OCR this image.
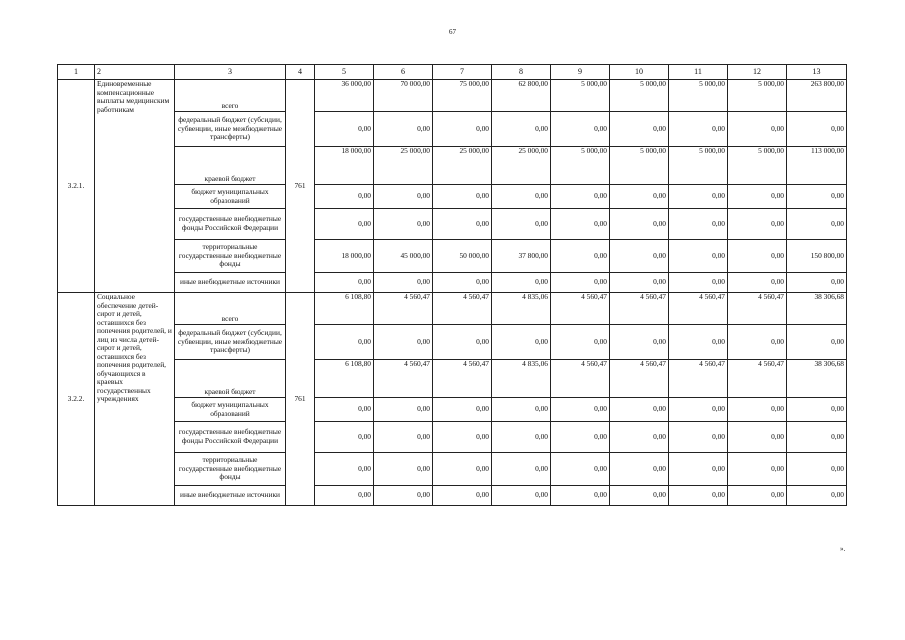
67
1	2	3	4	5	6	7	8	9	10	11	12	13
3.2.1.	Единовременные компенсационные выплаты медицинским работникам	всего	761	36 000,00	70 000,00	75 000,00	62 800,00	5 000,00	5 000,00	5 000,00	5 000,00	263 800,00
		федеральный бюджет (субсидии, субвенции, иные межбюджетные трансферты)		0,00	0,00	0,00	0,00	0,00	0,00	0,00	0,00	0,00
		краевой бюджет		18 000,00	25 000,00	25 000,00	25 000,00	5 000,00	5 000,00	5 000,00	5 000,00	113 000,00
		бюджет муниципальных образований		0,00	0,00	0,00	0,00	0,00	0,00	0,00	0,00	0,00
		государственные внебюджетные фонды Российской Федерации		0,00	0,00	0,00	0,00	0,00	0,00	0,00	0,00	0,00
		территориальные государственные внебюджетные фонды		18 000,00	45 000,00	50 000,00	37 800,00	0,00	0,00	0,00	0,00	150 800,00
		иные внебюджетные источники		0,00	0,00	0,00	0,00	0,00	0,00	0,00	0,00	0,00
3.2.2.	Социальное обеспечение детей-сирот и детей, оставшихся без попечения родителей, и лиц из числа детей-сирот и детей, оставшихся без попечения родителей, обучающихся в краевых государственных учреждениях	всего	761	6 108,80	4 560,47	4 560,47	4 835,06	4 560,47	4 560,47	4 560,47	4 560,47	38 306,68
		федеральный бюджет (субсидии, субвенции, иные межбюджетные трансферты)		0,00	0,00	0,00	0,00	0,00	0,00	0,00	0,00	0,00
		краевой бюджет		6 108,80	4 560,47	4 560,47	4 835,06	4 560,47	4 560,47	4 560,47	4 560,47	38 306,68
		бюджет муниципальных образований		0,00	0,00	0,00	0,00	0,00	0,00	0,00	0,00	0,00
		государственные внебюджетные фонды Российской Федерации		0,00	0,00	0,00	0,00	0,00	0,00	0,00	0,00	0,00
		территориальные государственные внебюджетные фонды		0,00	0,00	0,00	0,00	0,00	0,00	0,00	0,00	0,00
		иные внебюджетные источники		0,00	0,00	0,00	0,00	0,00	0,00	0,00	0,00	0,00
».
